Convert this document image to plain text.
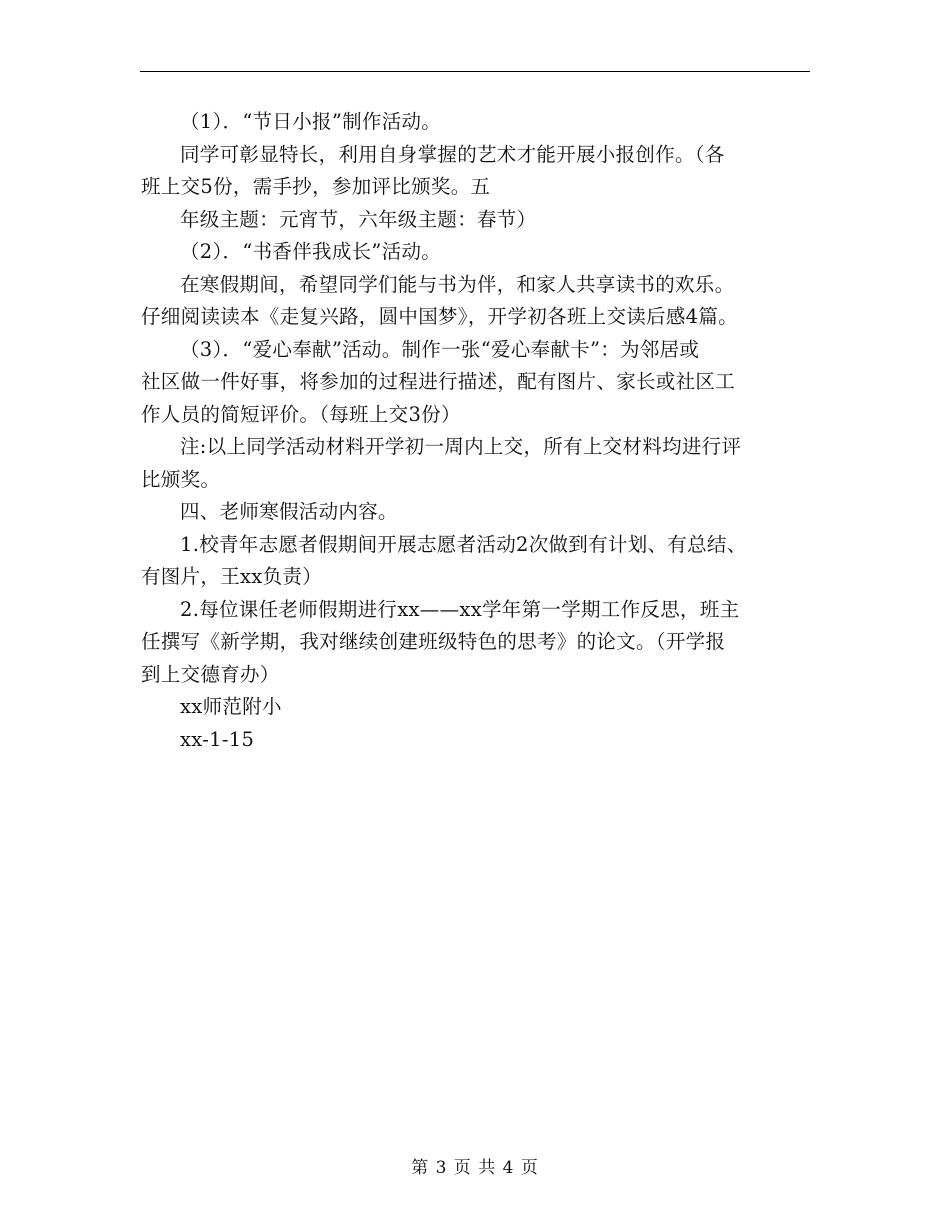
（1）．“节日小报”制作活动。
同学可彰显特长，利用自身掌握的艺术才能开展小报创作。（各
班上交5份，需手抄，参加评比颁奖。五
年级主题：元宵节，六年级主题：春节）
（2）．“书香伴我成长”活动。
在寒假期间，希望同学们能与书为伴，和家人共享读书的欢乐。
仔细阅读读本《走复兴路，圆中国梦》，开学初各班上交读后感4篇。
（3）．“爱心奉献”活动。制作一张“爱心奉献卡”：为邻居或
社区做一件好事，将参加的过程进行描述，配有图片、家长或社区工
作人员的简短评价。（每班上交3份）
注:以上同学活动材料开学初一周内上交，所有上交材料均进行评
比颁奖。
四、老师寒假活动内容。
1.校青年志愿者假期间开展志愿者活动2次做到有计划、有总结、
有图片，王xx负责）
2.每位课任老师假期进行xx——xx学年第一学期工作反思，班主
任撰写《新学期，我对继续创建班级特色的思考》的论文。（开学报
到上交德育办）
xx师范附小
xx-1-15
第 3 页 共 4 页
